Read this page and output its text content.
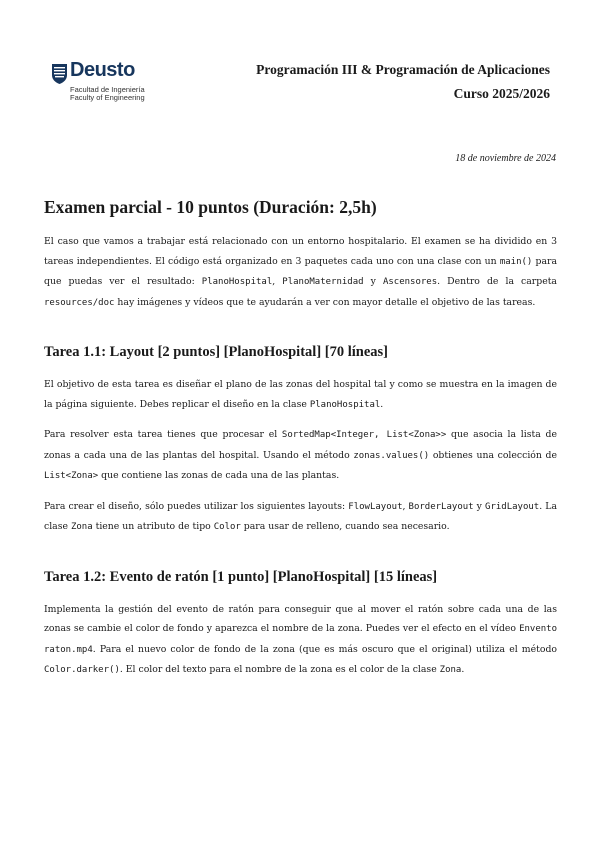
Deusto
Facultad de Ingeniería
Faculty of Engineering
Programación III & Programación de Aplicaciones
Curso 2025/2026
18 de noviembre de 2024
Examen parcial - 10 puntos (Duración: 2,5h)

El caso que vamos a trabajar está relacionado con un entorno hospitalario. El examen se ha dividido en 3 tareas independientes. El código está organizado en 3 paquetes cada uno con una clase con un main() para que puedas ver el resultado: PlanoHospital, PlanoMaternidad y Ascensores. Dentro de la carpeta resources/doc hay imágenes y vídeos que te ayudarán a ver con mayor detalle el objetivo de las tareas.

Tarea 1.1: Layout [2 puntos] [PlanoHospital] [70 líneas]

El objetivo de esta tarea es diseñar el plano de las zonas del hospital tal y como se muestra en la imagen de la página siguiente. Debes replicar el diseño en la clase PlanoHospital.

Para resolver esta tarea tienes que procesar el SortedMap<Integer, List<Zona>> que asocia la lista de zonas a cada una de las plantas del hospital. Usando el método zonas.values() obtienes una colección de List<Zona> que contiene las zonas de cada una de las plantas.

Para crear el diseño, sólo puedes utilizar los siguientes layouts: FlowLayout, BorderLayout y GridLayout. La clase Zona tiene un atributo de tipo Color para usar de relleno, cuando sea necesario.

Tarea 1.2: Evento de ratón [1 punto] [PlanoHospital] [15 líneas]

Implementa la gestión del evento de ratón para conseguir que al mover el ratón sobre cada una de las zonas se cambie el color de fondo y aparezca el nombre de la zona. Puedes ver el efecto en el vídeo Envento raton.mp4. Para el nuevo color de fondo de la zona (que es más oscuro que el original) utiliza el método Color.darker(). El color del texto para el nombre de la zona es el color de la clase Zona.
